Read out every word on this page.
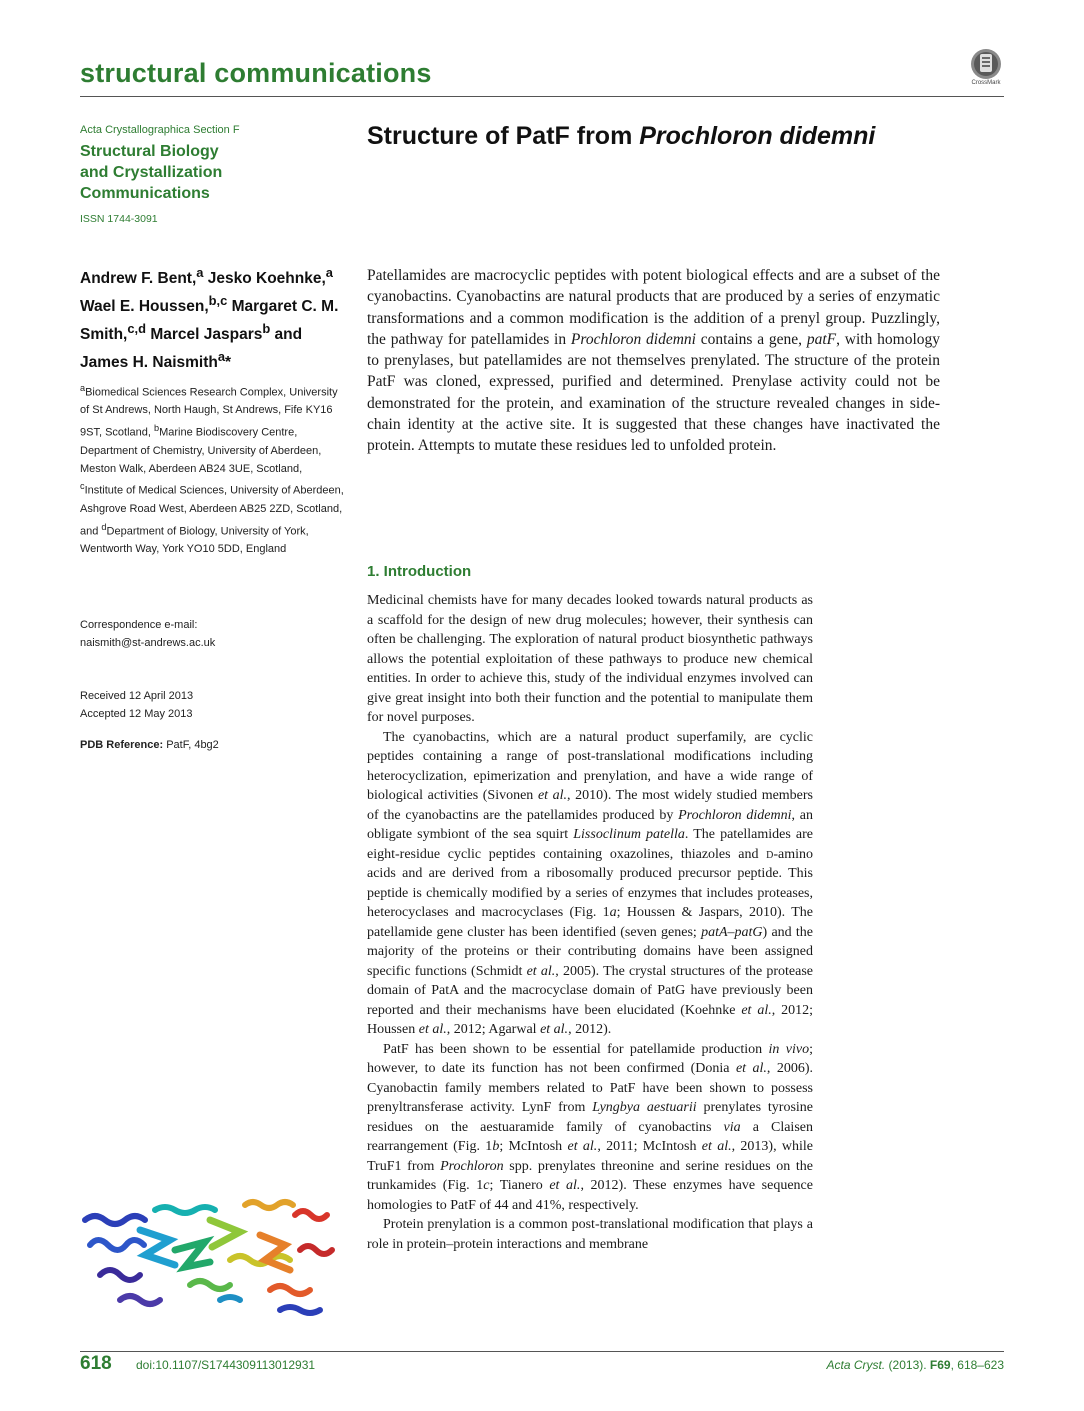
structural communications	CrossMark
Acta Crystallographica Section F
Structural Biology
and Crystallization
Communications
ISSN 1744-3091
Andrew F. Bent,$^a$ Jesko Koehnke,$^a$ Wael E. Houssen,$^{b,c}$ Margaret C. M. Smith,$^{c,d}$ Marcel Jaspars$^b$ and James H. Naismith$^a$*
$^a$Biomedical Sciences Research Complex, University of St Andrews, North Haugh, St Andrews, Fife KY16 9ST, Scotland, $^b$Marine Biodiscovery Centre, Department of Chemistry, University of Aberdeen, Meston Walk, Aberdeen AB24 3UE, Scotland, $^c$Institute of Medical Sciences, University of Aberdeen, Ashgrove Road West, Aberdeen AB25 2ZD, Scotland, and $^d$Department of Biology, University of York, Wentworth Way, York YO10 5DD, England
Correspondence e-mail:
naismith@st-andrews.ac.uk
Received 12 April 2013
Accepted 12 May 2013
PDB Reference: PatF, 4bg2
Structure of PatF from Prochloron didemni
Patellamides are macrocyclic peptides with potent biological effects and are a subset of the cyanobactins. Cyanobactins are natural products that are produced by a series of enzymatic transformations and a common modification is the addition of a prenyl group. Puzzlingly, the pathway for patellamides in Prochloron didemni contains a gene, patF, with homology to prenylases, but patellamides are not themselves prenylated. The structure of the protein PatF was cloned, expressed, purified and determined. Prenylase activity could not be demonstrated for the protein, and examination of the structure revealed changes in side-chain identity at the active site. It is suggested that these changes have inactivated the protein. Attempts to mutate these residues led to unfolded protein.
1. Introduction

Medicinal chemists have for many decades looked towards natural products as a scaffold for the design of new drug molecules; however, their synthesis can often be challenging. The exploration of natural product biosynthetic pathways allows the potential exploitation of these pathways to produce new chemical entities. In order to achieve this, study of the individual enzymes involved can give great insight into both their function and the potential to manipulate them for novel purposes.

The cyanobactins, which are a natural product superfamily, are cyclic peptides containing a range of post-translational modifications including heterocyclization, epimerization and prenylation, and have a wide range of biological activities (Sivonen et al., 2010). The most widely studied members of the cyanobactins are the patellamides produced by Prochloron didemni, an obligate symbiont of the sea squirt Lissoclinum patella. The patellamides are eight-residue cyclic peptides containing oxazolines, thiazoles and d-amino acids and are derived from a ribosomally produced precursor peptide. This peptide is chemically modified by a series of enzymes that includes proteases, heterocyclases and macrocyclases (Fig. 1a; Houssen & Jaspars, 2010). The patellamide gene cluster has been identified (seven genes; patA–patG) and the majority of the proteins or their contributing domains have been assigned specific functions (Schmidt et al., 2005). The crystal structures of the protease domain of PatA and the macrocyclase domain of PatG have previously been reported and their mechanisms have been elucidated (Koehnke et al., 2012; Houssen et al., 2012; Agarwal et al., 2012).

PatF has been shown to be essential for patellamide production in vivo; however, to date its function has not been confirmed (Donia et al., 2006). Cyanobactin family members related to PatF have been shown to possess prenyltransferase activity. LynF from Lyngbya aestuarii prenylates tyrosine residues on the aestuaramide family of cyanobactins via a Claisen rearrangement (Fig. 1b; McIntosh et al., 2011; McIntosh et al., 2013), while TruF1 from Prochloron spp. prenylates threonine and serine residues on the trunkamides (Fig. 1c; Tianero et al., 2012). These enzymes have sequence homologies to PatF of 44 and 41%, respectively.

Protein prenylation is a common post-translational modification that plays a role in protein–protein interactions and membrane

618 doi:10.1107/S1744309113012931	Acta Cryst. (2013). F69, 618–623
